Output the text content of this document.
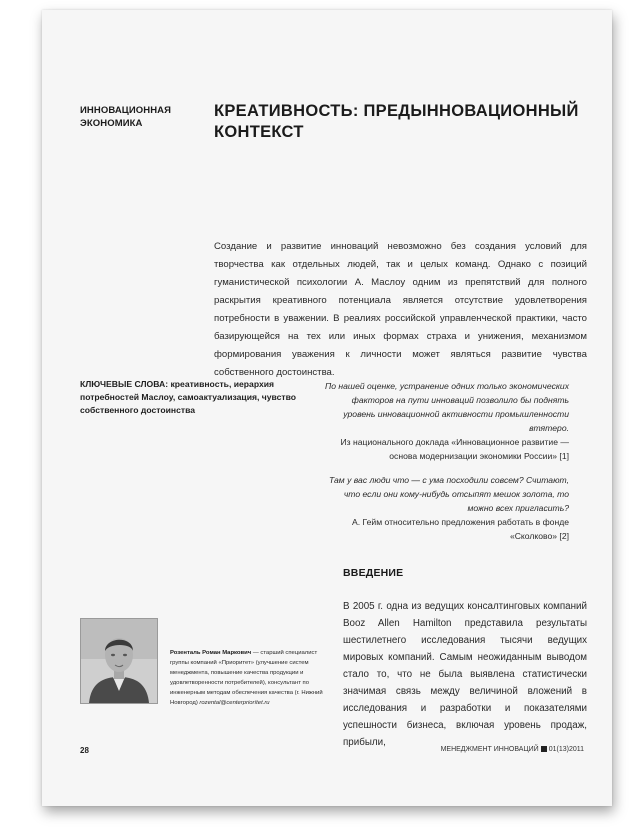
ИННОВАЦИОННАЯ ЭКОНОМИКА
КРЕАТИВНОСТЬ: ПРЕДЫННОВАЦИОННЫЙ КОНТЕКСТ
Создание и развитие инноваций невозможно без создания условий для творчества как отдельных людей, так и целых команд. Однако с позиций гуманистической психологии А. Маслоу одним из препятствий для полного раскрытия креативного потенциала является отсутствие удовлетворения потребности в уважении. В реалиях российской управленческой практики, часто базирующейся на тех или иных формах страха и унижения, механизмом формирования уважения к личности может являться развитие чувства собственного достоинства.
КЛЮЧЕВЫЕ СЛОВА: креативность, иерархия потребностей Маслоу, самоактуализация, чувство собственного достоинства
По нашей оценке, устранение одних только экономических факторов на пути инноваций позволило бы поднять уровень инновационной активности промышленности втятеро.
Из национального доклада «Инновационное развитие — основа модернизации экономики России» [1]
Там у вас люди что — с ума посходили совсем? Считают, что если они кому-нибудь отсыпят мешок золота, то можно всех пригласить?
А. Гейм относительно предложения работать в фонде «Сколково» [2]
ВВЕДЕНИЕ
В 2005 г. одна из ведущих консалтинговых компаний Booz Allen Hamilton представила результаты шестилетнего исследования тысячи ведущих мировых компаний. Самым неожиданным выводом стало то, что не была выявлена статистически значимая связь между величиной вложений в исследования и разработки и показателями успешности бизнеса, включая уровень продаж, прибыли,
Розенталь Роман Маркович — старший специалист группы компаний «Приоритет» (улучшение систем менеджмента, повышение качества продукции и удовлетворенности потребителей), консультант по инженерным методам обеспечения качества (г. Нижний Новгород) rozental@centerpriorítet.ru
28	МЕНЕДЖМЕНТ ИННОВАЦИЙ 01(13)2011
